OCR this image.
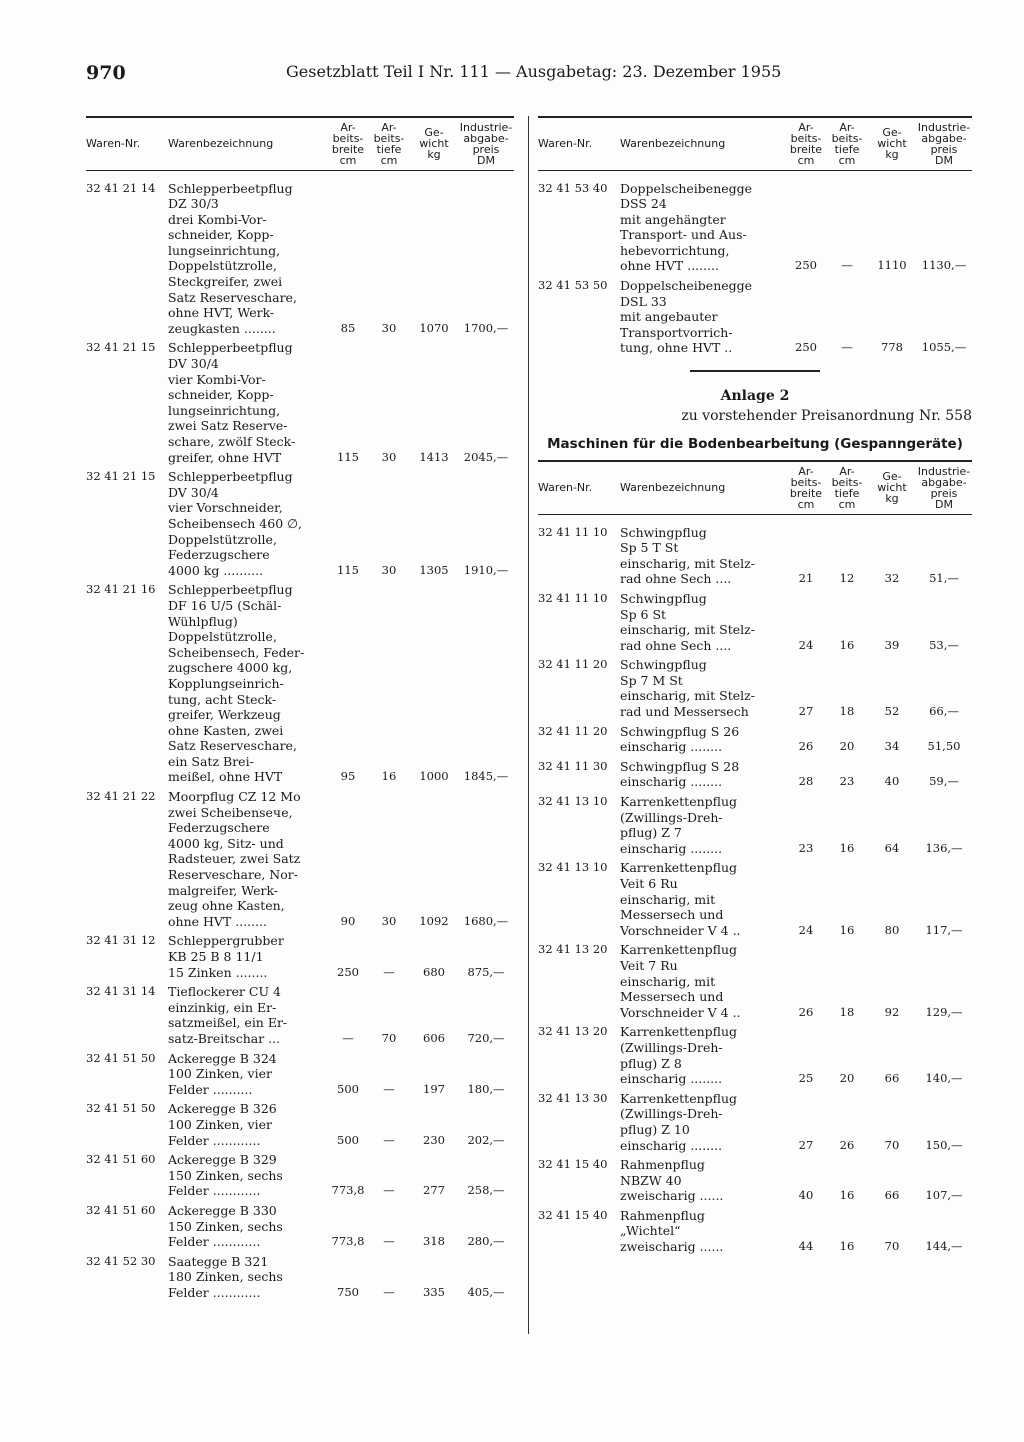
970	Gesetzblatt Teil I Nr. 111 — Ausgabetag: 23. Dezember 1955
Waren-Nr.	Warenbezeichnung
Ar-
beits-
breite
cm
Ar-
beits-
tiefe
cm
Ge-
wicht
kg
Industrie-
abgabe-
preis
DM
32 41 21 14	Schlepperbeetpflug
DZ 30/3
drei Kombi-Vor-
schneider, Kopp-
lungseinrichtung,
Doppelstützrolle,
Steckgreifer, zwei
Satz Reservescharе,
ohne HVT, Werk-
zeugkasten ........	85	30	1070	1700,—
32 41 21 15	Schlepperbeetpflug
DV 30/4
vier Kombi-Vor-
schneider, Kopp-
lungseinrichtung,
zwei Satz Reserve-
schare, zwölf Steck-
greifer, ohne HVT	115	30	1413	2045,—
32 41 21 15	Schlepperbeetpflug
DV 30/4
vier Vorschneider,
Scheibensech 460 ∅,
Doppelstützrolle,
Federzugschere
4000 kg ..........	115	30	1305	1910,—
32 41 21 16	Schlepperbeetpflug
DF 16 U/5 (Schäl-
Wühlpflug)
Doppelstützrolle,
Scheibensech, Feder-
zugschere 4000 kg,
Kopplungseinrich-
tung, acht Steck-
greifer, Werkzeug
ohne Kasten, zwei
Satz Reserveschare,
ein Satz Brei-
meißel, ohne HVT	95	16	1000	1845,—
32 41 21 22	Moorpflug CZ 12 Mo
zwei Scheibensече,
Federzugschere
4000 kg, Sitz- und
Radsteuer, zwei Satz
Reserveschare, Nor-
malgreifer, Werk-
zeug ohne Kasten,
ohne HVT ........	90	30	1092	1680,—
32 41 31 12	Schleppergrubber
KB 25 B 8 11/1
15 Zinken ........	250	—	680	875,—
32 41 31 14	Tieflockerer CU 4
einzinkig, ein Er-
satzmeißel, ein Er-
satz-Breitschar ...	—	70	606	720,—
32 41 51 50	Ackeregge B 324
100 Zinken, vier
Felder ..........	500	—	197	180,—
32 41 51 50	Ackeregge B 326
100 Zinken, vier
Felder ............	500	—	230	202,—
32 41 51 60	Ackeregge B 329
150 Zinken, sechs
Felder ............	773,8	—	277	258,—
32 41 51 60	Ackeregge B 330
150 Zinken, sechs
Felder ............	773,8	—	318	280,—
32 41 52 30	Saategge B 321
180 Zinken, sechs
Felder ............	750	—	335	405,—
Waren-Nr.	Warenbezeichnung
Ar-
beits-
breite
cm
Ar-
beits-
tiefe
cm
Ge-
wicht
kg
Industrie-
abgabe-
preis
DM
32 41 53 40	Doppelscheibenegge
DSS 24
mit angehängter
Transport- und Aus-
hebevorrichtung,
ohne HVT ........	250	—	1110	1130,—
32 41 53 50	Doppelscheibenegge
DSL 33
mit angebauter
Transportvorrich-
tung, ohne HVT ..	250	—	778	1055,—
Anlage 2
zu vorstehender Preisanordnung Nr. 558
Maschinen für die Bodenbearbeitung (Gespanngeräte)
Waren-Nr.	Warenbezeichnung
Ar-
beits-
breite
cm
Ar-
beits-
tiefe
cm
Ge-
wicht
kg
Industrie-
abgabe-
preis
DM
32 41 11 10	Schwingpflug
Sp 5 T St
einscharig, mit Stelz-
rad ohne Sech ....	21	12	32	51,—
32 41 11 10	Schwingpflug
Sp 6 St
einscharig, mit Stelz-
rad ohne Sech ....	24	16	39	53,—
32 41 11 20	Schwingpflug
Sp 7 M St
einscharig, mit Stelz-
rad und Messersech	27	18	52	66,—
32 41 11 20	Schwingpflug S 26
einscharig ........	26	20	34	51,50
32 41 11 30	Schwingpflug S 28
einscharig ........	28	23	40	59,—
32 41 13 10	Karrenkettenpflug
(Zwillings-Dreh-
pflug) Z 7
einscharig ........	23	16	64	136,—
32 41 13 10	Karrenkettenpflug
Veit 6 Ru
einscharig, mit
Messersech und
Vorschneider V 4 ..	24	16	80	117,—
32 41 13 20	Karrenkettenpflug
Veit 7 Ru
einscharig, mit
Messersech und
Vorschneider V 4 ..	26	18	92	129,—
32 41 13 20	Karrenkettenpflug
(Zwillings-Dreh-
pflug) Z 8
einscharig ........	25	20	66	140,—
32 41 13 30	Karrenkettenpflug
(Zwillings-Dreh-
pflug) Z 10
einscharig ........	27	26	70	150,—
32 41 15 40	Rahmenpflug
NBZW 40
zweischarig ......	40	16	66	107,—
32 41 15 40	Rahmenpflug
„Wichtel“
zweischarig ......	44	16	70	144,—
